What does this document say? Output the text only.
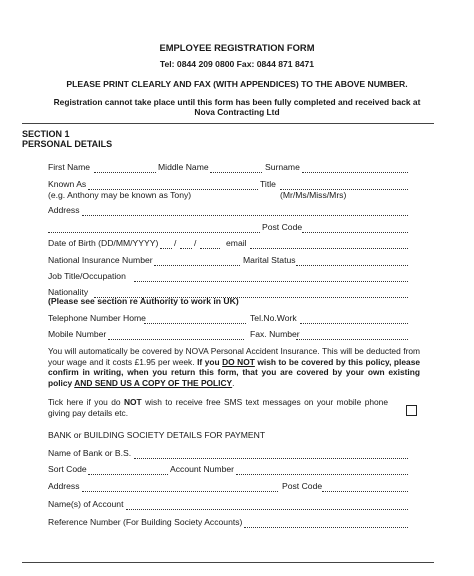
EMPLOYEE REGISTRATION FORM
Tel: 0844 209 0800 Fax: 0844 871 8471
PLEASE PRINT CLEARLY AND FAX (WITH APPENDICES) TO THE ABOVE NUMBER.
Registration cannot take place until this form has been fully completed and received back at
Nova Contracting Ltd
SECTION 1
PERSONAL DETAILS
First Name	Middle Name	Surname
Known As	Title
(e.g. Anthony may be known as Tony)	(Mr/Ms/Miss/Mrs)
Address
Post Code
Date of Birth (DD/MM/YYYY) / /	email
National Insurance Number	Marital Status
Job Title/Occupation
Nationality
(Please see section re Authority to work in UK)
Telephone Number Home	Tel.No.Work
Mobile Number	Fax. Number
You will automatically be covered by NOVA Personal Accident Insurance. This will be deducted from your wage and it costs £1.95 per week. If you DO NOT wish to be covered by this policy, please confirm in writing, when you return this form, that you are covered by your own existing policy AND SEND US A COPY OF THE POLICY.
Tick here if you do NOT wish to receive free SMS text messages on your mobile phone giving pay details etc.
BANK or BUILDING SOCIETY DETAILS FOR PAYMENT
Name of Bank or B.S.
Sort Code	Account Number
Address	Post Code
Name(s) of Account
Reference Number (For Building Society Accounts)
